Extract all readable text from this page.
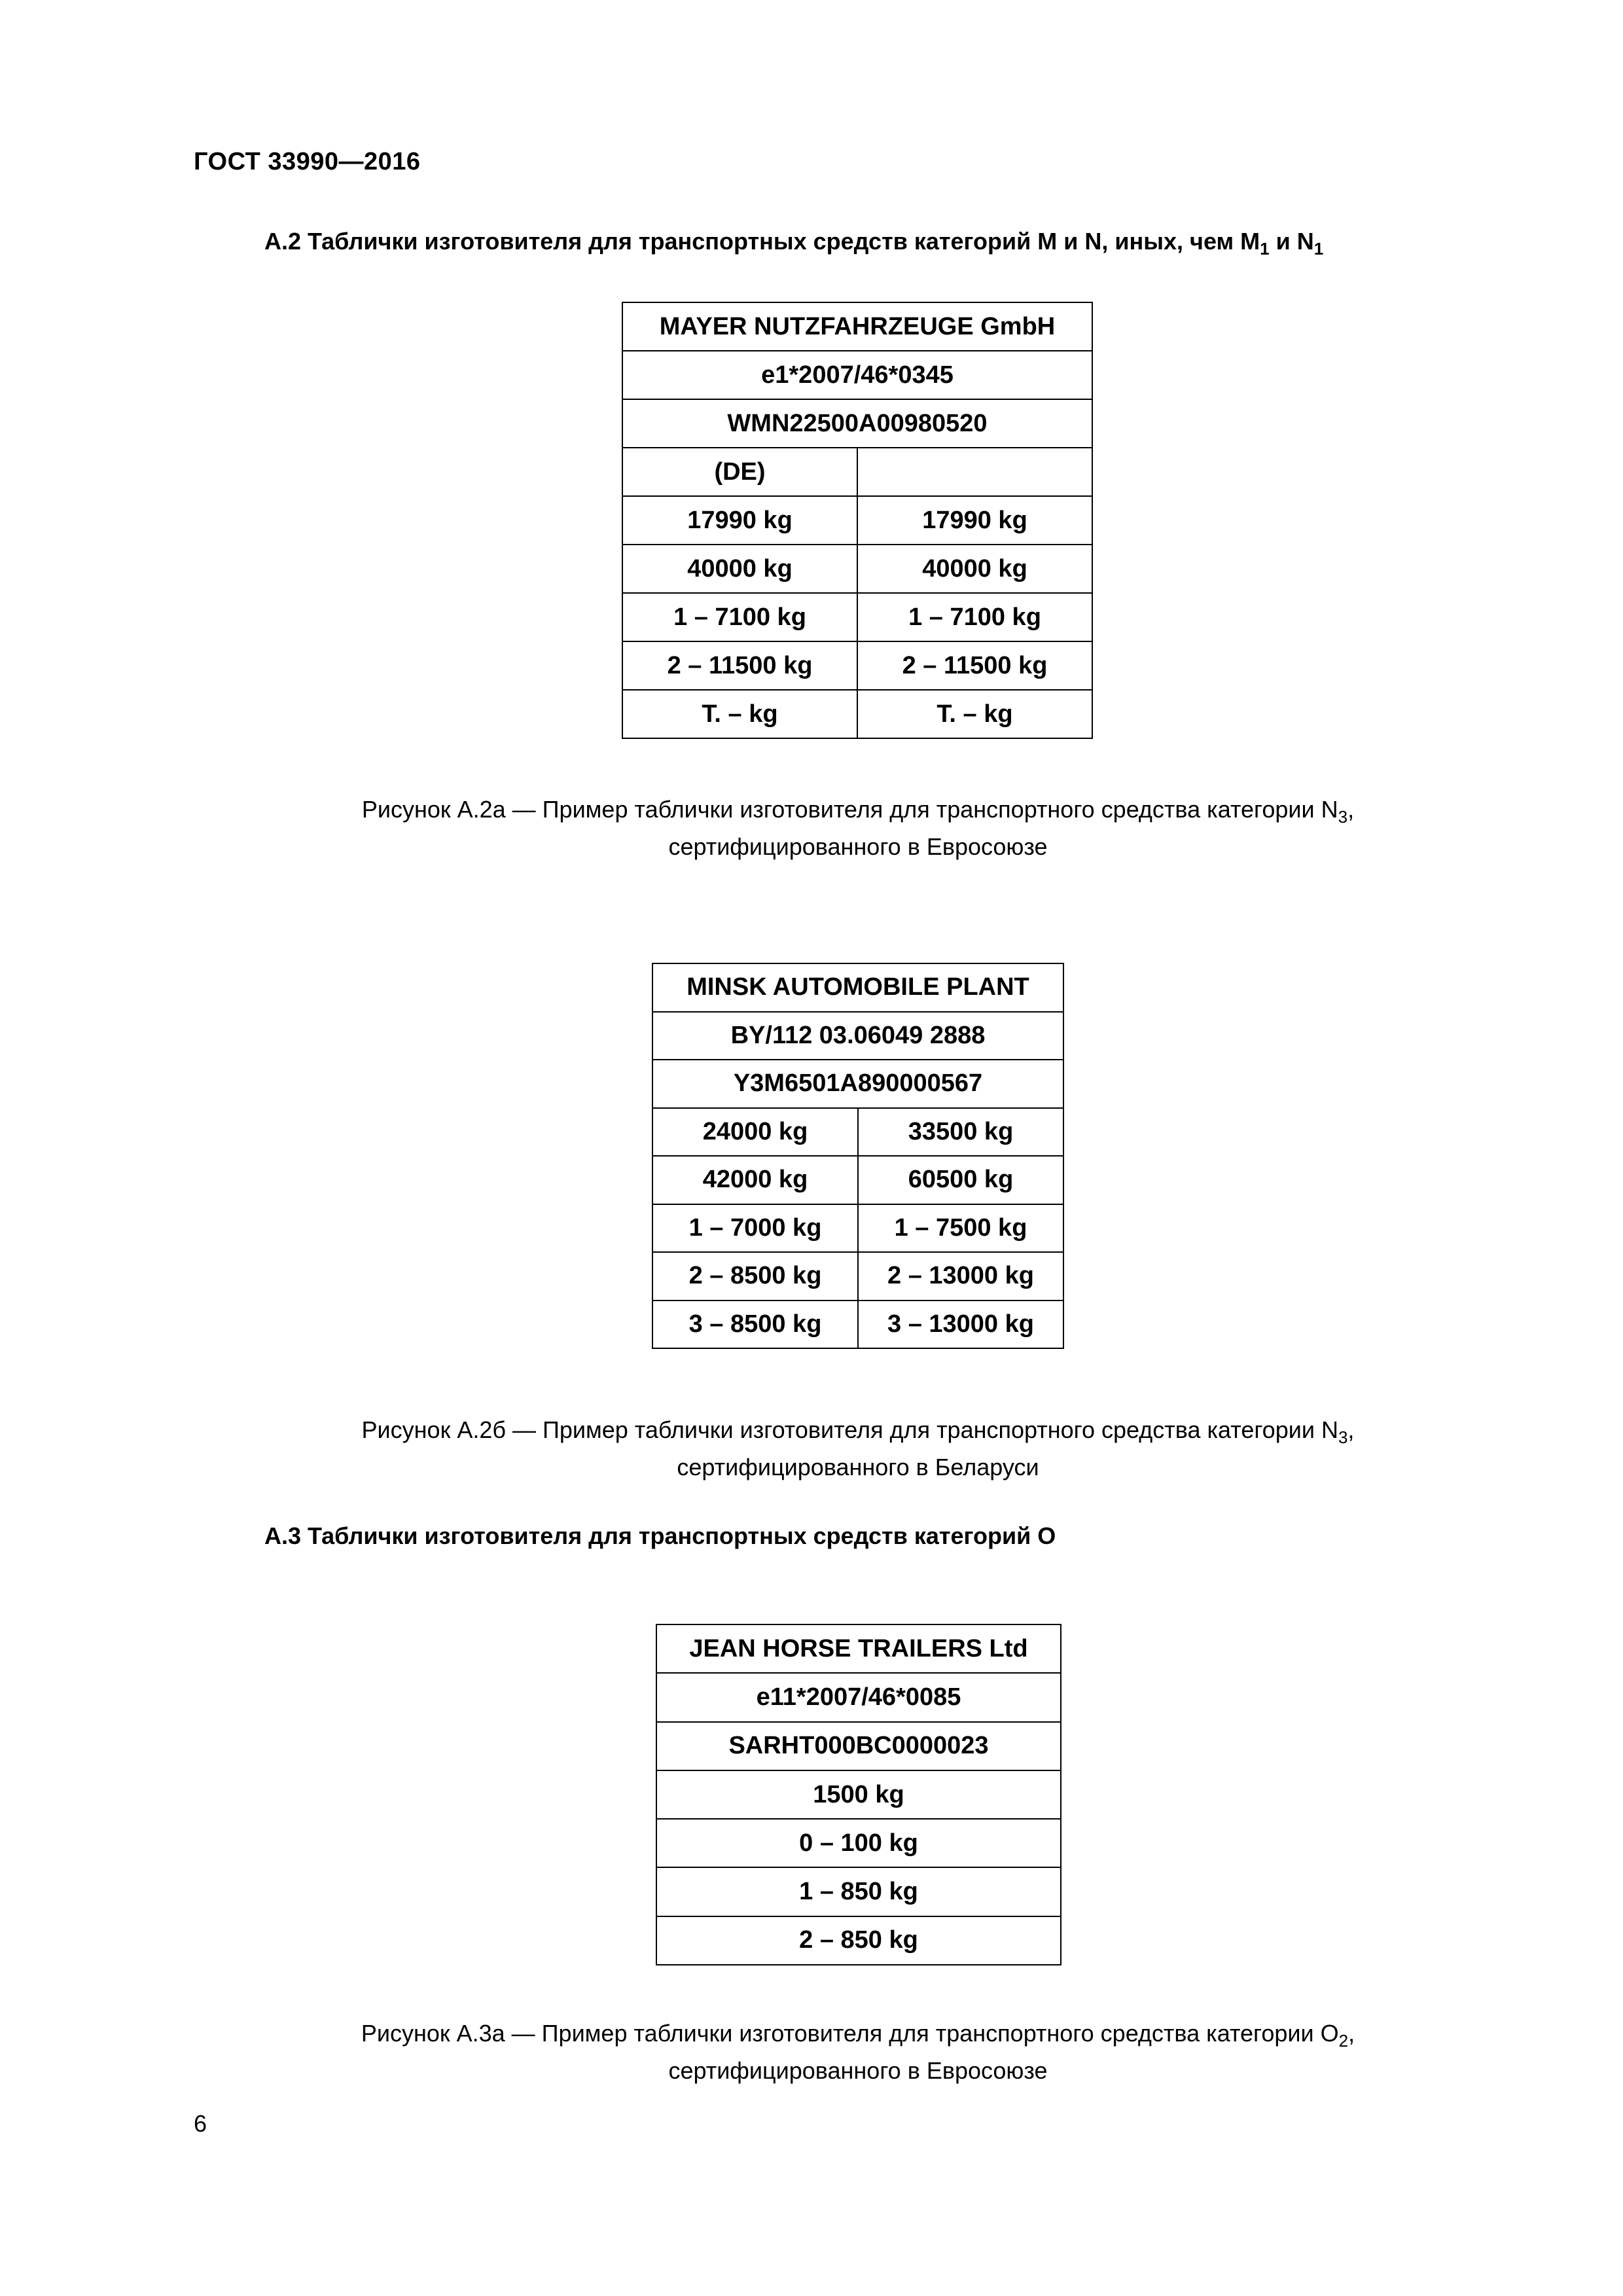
ГОСТ 33990—2016
А.2 Таблички изготовителя для транспортных средств категорий М и N, иных, чем $М_1$ и $N_1$
MAYER NUTZFAHRZEUGE GmbH	
e1*2007/46*0345	
WMN22500A00980520	
(DE)	
17990 kg	17990 kg
40000 kg	40000 kg
1 – 7100 kg	1 – 7100 kg
2 – 11500 kg	2 – 11500 kg
T. – kg	T. – kg
Рисунок А.2а — Пример таблички изготовителя для транспортного средства категории $N_3$,
сертифицированного в Евросоюзе
MINSK AUTOMOBILE PLANT	
BY/112 03.06049 2888	
Y3M6501A890000567	
24000 kg	33500 kg
42000 kg	60500 kg
1 – 7000 kg	1 – 7500 kg
2 – 8500 kg	2 – 13000 kg
3 – 8500 kg	3 – 13000 kg
Рисунок А.2б — Пример таблички изготовителя для транспортного средства категории $N_3$,
сертифицированного в Беларуси
А.3 Таблички изготовителя для транспортных средств категорий О
JEAN HORSE TRAILERS Ltd
e11*2007/46*0085
SARHT000BC0000023
1500 kg
0 – 100 kg
1 – 850 kg
2 – 850 kg
Рисунок А.3а — Пример таблички изготовителя для транспортного средства категории $О_2$,
сертифицированного в Евросоюзе
6
